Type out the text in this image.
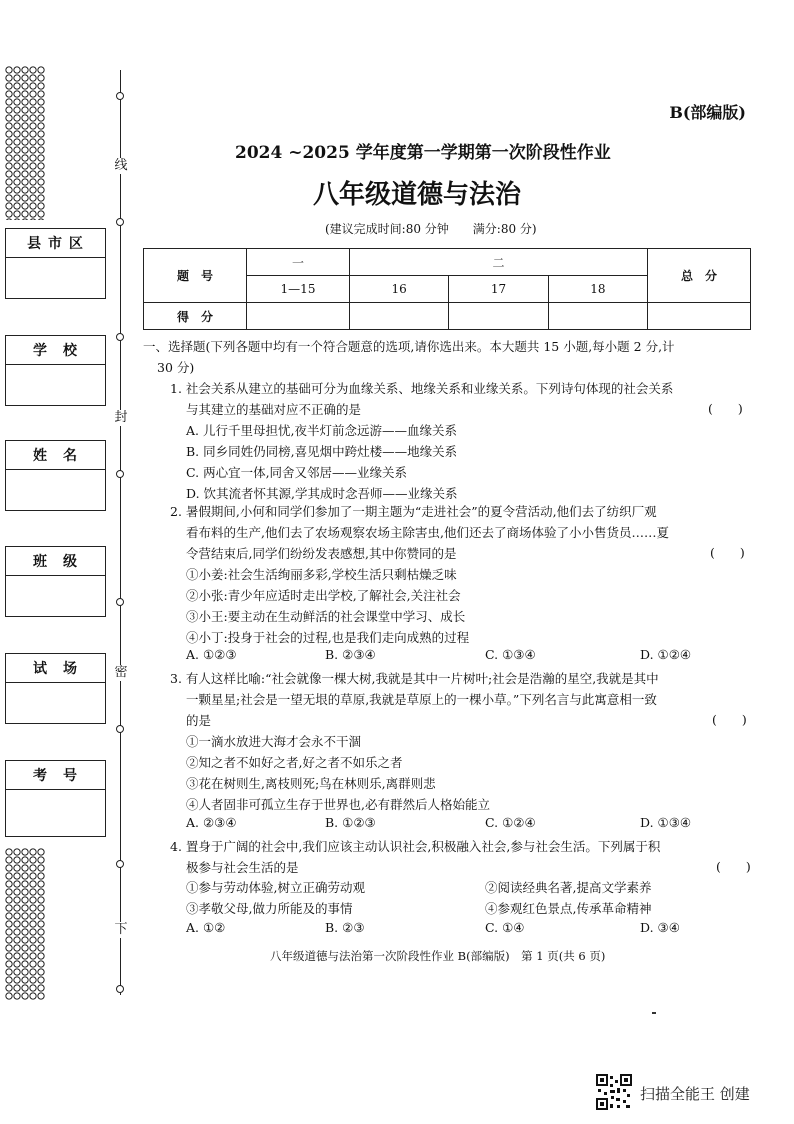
线
封
密
下
县 市 区
学　校
姓　名
班　级
试　场
考　号
B(部编版)
2024 ~2025 学年度第一学期第一次阶段性作业
八年级道德与法治
(建议完成时间:80 分钟　　满分:80 分)
题　号	一	二			总　分
	1—15	16	17	18	
得　分					
一、选择题(下列各题中均有一个符合题意的选项,请你选出来。本大题共 15 小题,每小题 2 分,计
30 分)
1. 社会关系从建立的基础可分为血缘关系、地缘关系和业缘关系。下列诗句体现的社会关系
与其建立的基础对应不正确的是
A. 儿行千里母担忧,夜半灯前念远游——血缘关系
B. 同乡同姓仍同榜,喜见烟中跨灶楼——地缘关系
C. 两心宜一体,同舍又邻居——业缘关系
D. 饮其流者怀其源,学其成时念吾师——业缘关系
(　　)
2. 暑假期间,小何和同学们参加了一期主题为“走进社会”的夏令营活动,他们去了纺织厂观
看布料的生产,他们去了农场观察农场主除害虫,他们还去了商场体验了小小售货员……夏
令营结束后,同学们纷纷发表感想,其中你赞同的是
①小姜:社会生活绚丽多彩,学校生活只剩枯燥乏味
②小张:青少年应适时走出学校,了解社会,关注社会
③小王:要主动在生动鲜活的社会课堂中学习、成长
④小丁:投身于社会的过程,也是我们走向成熟的过程
(　　)
A. ①②③	B. ②③④	C. ①③④	D. ①②④
3. 有人这样比喻:“社会就像一棵大树,我就是其中一片树叶;社会是浩瀚的星空,我就是其中
一颗星星;社会是一望无垠的草原,我就是草原上的一棵小草。”下列名言与此寓意相一致
的是
①一滴水放进大海才会永不干涸
②知之者不如好之者,好之者不如乐之者
③花在树则生,离枝则死;鸟在林则乐,离群则悲
④人者固非可孤立生存于世界也,必有群然后人格始能立
(　　)
A. ②③④	B. ①②③	C. ①②④	D. ①③④
4. 置身于广阔的社会中,我们应该主动认识社会,积极融入社会,参与社会生活。下列属于积
极参与社会生活的是	(　　)
①参与劳动体验,树立正确劳动观	②阅读经典名著,提高文学素养
③孝敬父母,做力所能及的事情	④参观红色景点,传承革命精神
A. ①②	B. ②③	C. ①④	D. ③④
八年级道德与法治第一次阶段性作业 B(部编版)　第 1 页(共 6 页)
扫描全能王 创建
